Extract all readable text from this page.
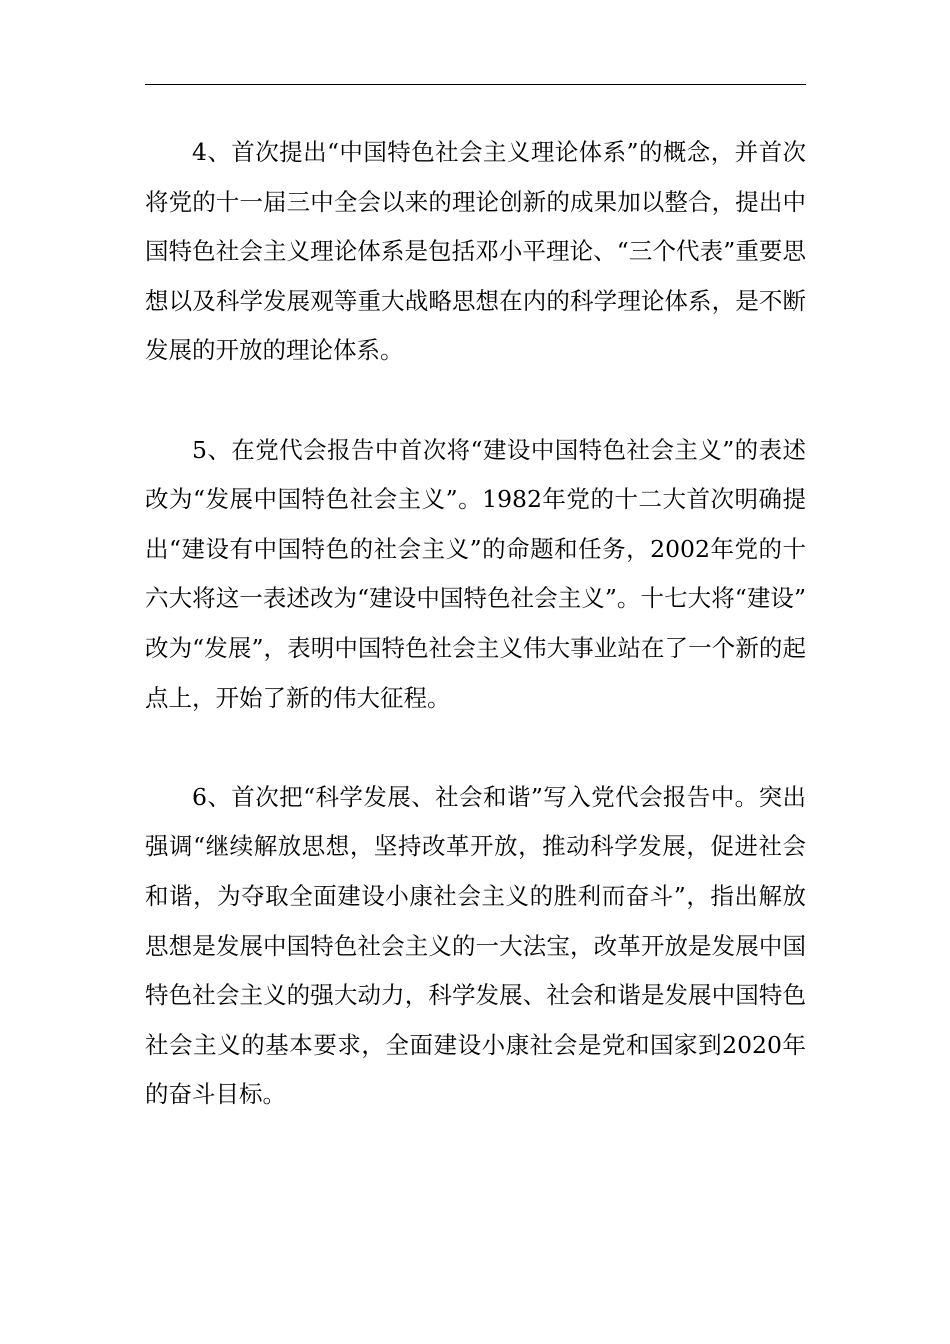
4、首次提出“中国特色社会主义理论体系”的概念，并首次将党的十一届三中全会以来的理论创新的成果加以整合，提出中国特色社会主义理论体系是包括邓小平理论、“三个代表”重要思想以及科学发展观等重大战略思想在内的科学理论体系，是不断发展的开放的理论体系。

5、在党代会报告中首次将“建设中国特色社会主义”的表述改为“发展中国特色社会主义”。1982年党的十二大首次明确提出“建设有中国特色的社会主义”的命题和任务，2002年党的十六大将这一表述改为“建设中国特色社会主义”。十七大将“建设”改为“发展”，表明中国特色社会主义伟大事业站在了一个新的起点上，开始了新的伟大征程。

6、首次把“科学发展、社会和谐”写入党代会报告中。突出强调“继续解放思想，坚持改革开放，推动科学发展，促进社会和谐，为夺取全面建设小康社会主义的胜利而奋斗”，指出解放思想是发展中国特色社会主义的一大法宝，改革开放是发展中国特色社会主义的强大动力，科学发展、社会和谐是发展中国特色社会主义的基本要求，全面建设小康社会是党和国家到2020年的奋斗目标。
